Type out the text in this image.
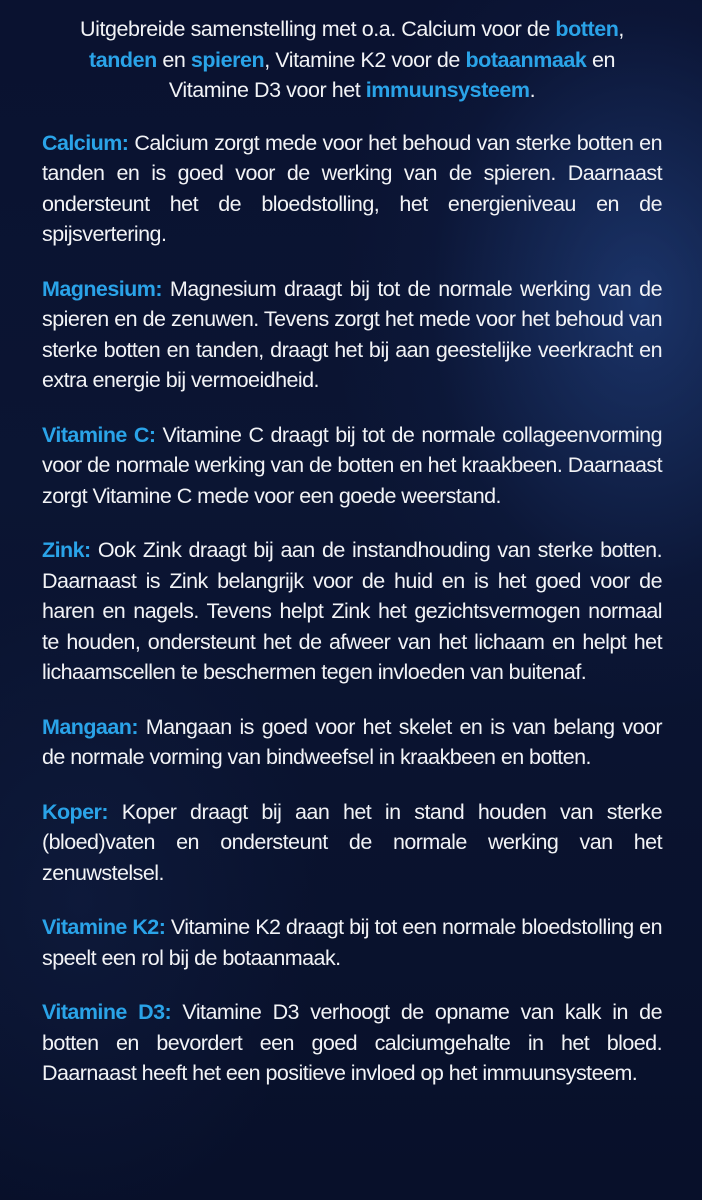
Uitgebreide samenstelling met o.a. Calcium voor de botten, tanden en spieren, Vitamine K2 voor de botaanmaak en Vitamine D3 voor het immuunsysteem.

Calcium: Calcium zorgt mede voor het behoud van sterke botten en tanden en is goed voor de werking van de spieren. Daarnaast ondersteunt het de bloedstolling, het energieniveau en de spijsvertering.

Magnesium: Magnesium draagt bij tot de normale werking van de spieren en de zenuwen. Tevens zorgt het mede voor het behoud van sterke botten en tanden, draagt het bij aan geestelijke veerkracht en extra energie bij vermoeidheid.

Vitamine C: Vitamine C draagt bij tot de normale collageenvorming voor de normale werking van de botten en het kraakbeen. Daarnaast zorgt Vitamine C mede voor een goede weerstand.

Zink: Ook Zink draagt bij aan de instandhouding van sterke botten. Daarnaast is Zink belangrijk voor de huid en is het goed voor de haren en nagels. Tevens helpt Zink het gezichtsvermogen normaal te houden, ondersteunt het de afweer van het lichaam en helpt het lichaamscellen te beschermen tegen invloeden van buitenaf.

Mangaan: Mangaan is goed voor het skelet en is van belang voor de normale vorming van bindweefsel in kraakbeen en botten.

Koper: Koper draagt bij aan het in stand houden van sterke (bloed)vaten en ondersteunt de normale werking van het zenuwstelsel.

Vitamine K2: Vitamine K2 draagt bij tot een normale bloedstolling en speelt een rol bij de botaanmaak.

Vitamine D3: Vitamine D3 verhoogt de opname van kalk in de botten en bevordert een goed calciumgehalte in het bloed. Daarnaast heeft het een positieve invloed op het immuunsysteem.
